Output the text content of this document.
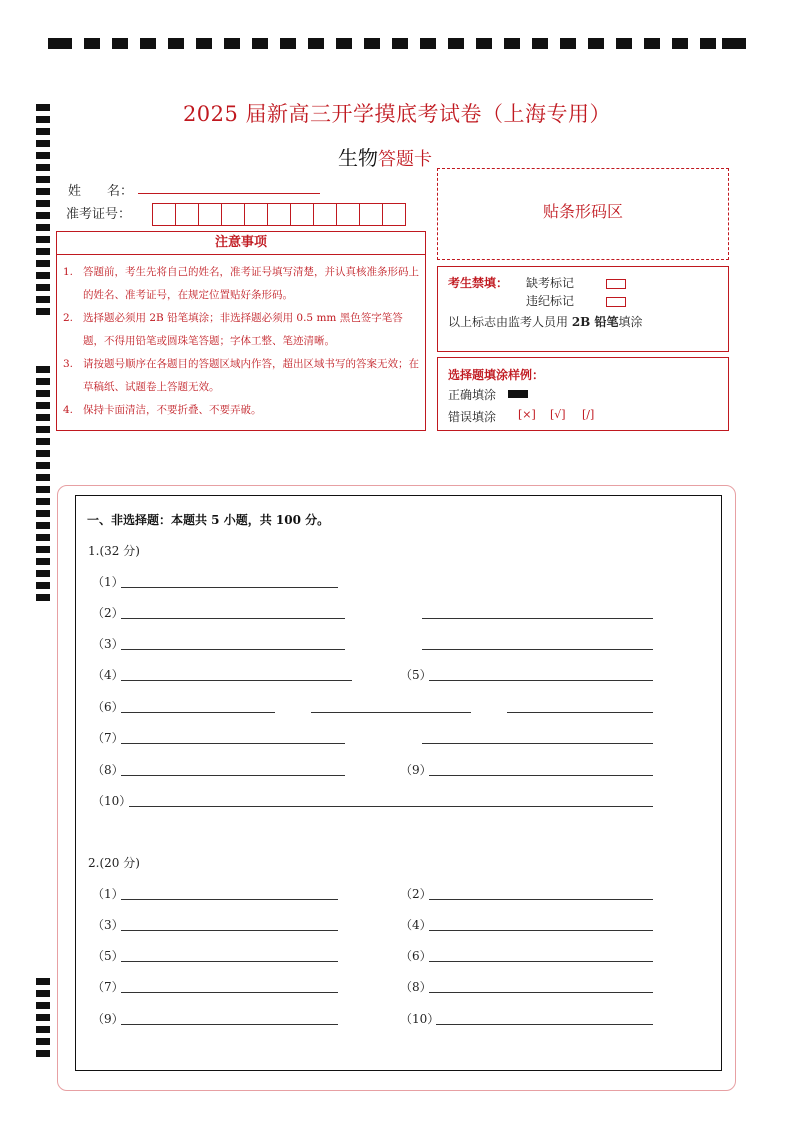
2025 届新高三开学摸底考试卷（上海专用）
生物答题卡
姓　　名：
准考证号：
注意事项
1. 答题前，考生先将自己的姓名，准考证号填写清楚，并认真核准条形码上的姓名、准考证号，在规定位置贴好条形码。
2. 选择题必须用 2B 铅笔填涂；非选择题必须用 0.5 mm 黑色签字笔答题，不得用铅笔或圆珠笔答题；字体工整、笔迹清晰。
3. 请按题号顺序在各题目的答题区域内作答，超出区域书写的答案无效；在草稿纸、试题卷上答题无效。
4. 保持卡面清洁，不要折叠、不要弄破。
贴条形码区
考生禁填： 缺考标记
违纪标记
以上标志由监考人员用 2B 铅笔填涂
选择题填涂样例：
正确填涂
错误填涂 [×] [√] [/]
一、非选择题：本题共 5 小题，共 100 分。
1.(32 分)
（1）
（2）
（3）
（4）	（5）
（6）
（7）
（8）	（9）
（10）
2.(20 分)
（1）	（2）
（3）	（4）
（5）	（6）
（7）	（8）
（9）	（10）
